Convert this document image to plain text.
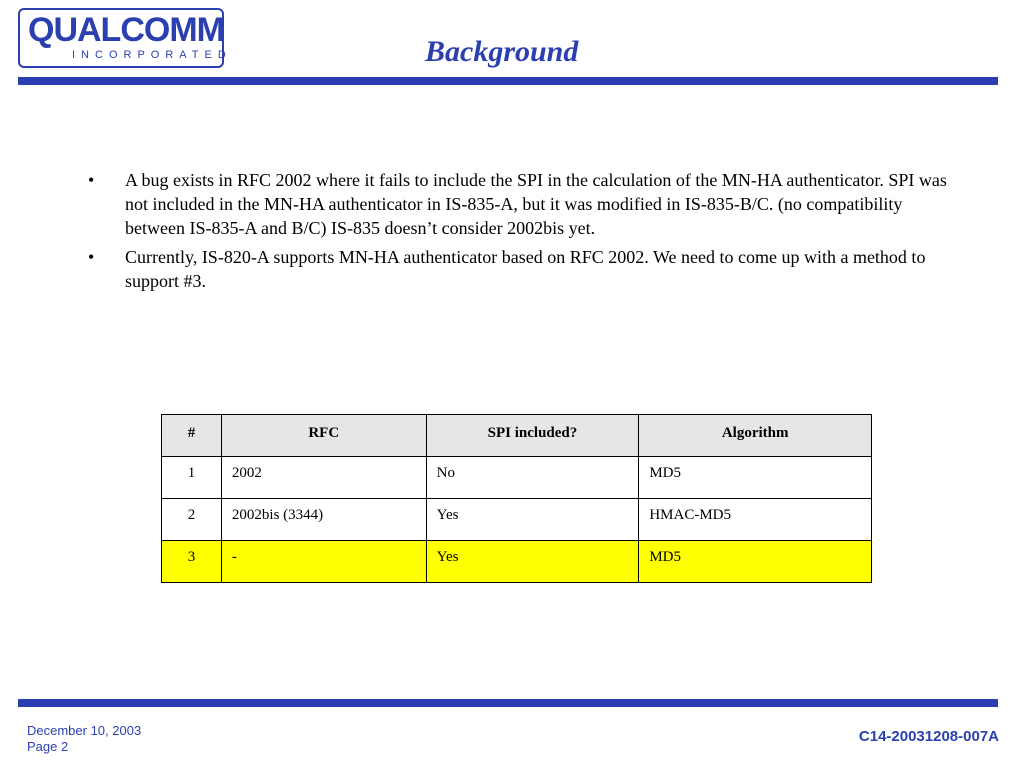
QUALCOMM
INCORPORATED	Background
• A bug exists in RFC 2002 where it fails to include the SPI in the calculation of the MN-HA authenticator. SPI was not included in the MN-HA authenticator in IS-835-A, but it was modified in IS-835-B/C. (no compatibility between IS-835-A and B/C) IS-835 doesn’t consider 2002bis yet.
• Currently, IS-820-A supports MN-HA authenticator based on RFC 2002. We need to come up with a method to support #3.
#	RFC	SPI included?	Algorithm
1	2002	No	MD5
2	2002bis (3344)	Yes	HMAC-MD5
3	-	Yes	MD5
December 10, 2003
Page 2
C14-20031208-007A
